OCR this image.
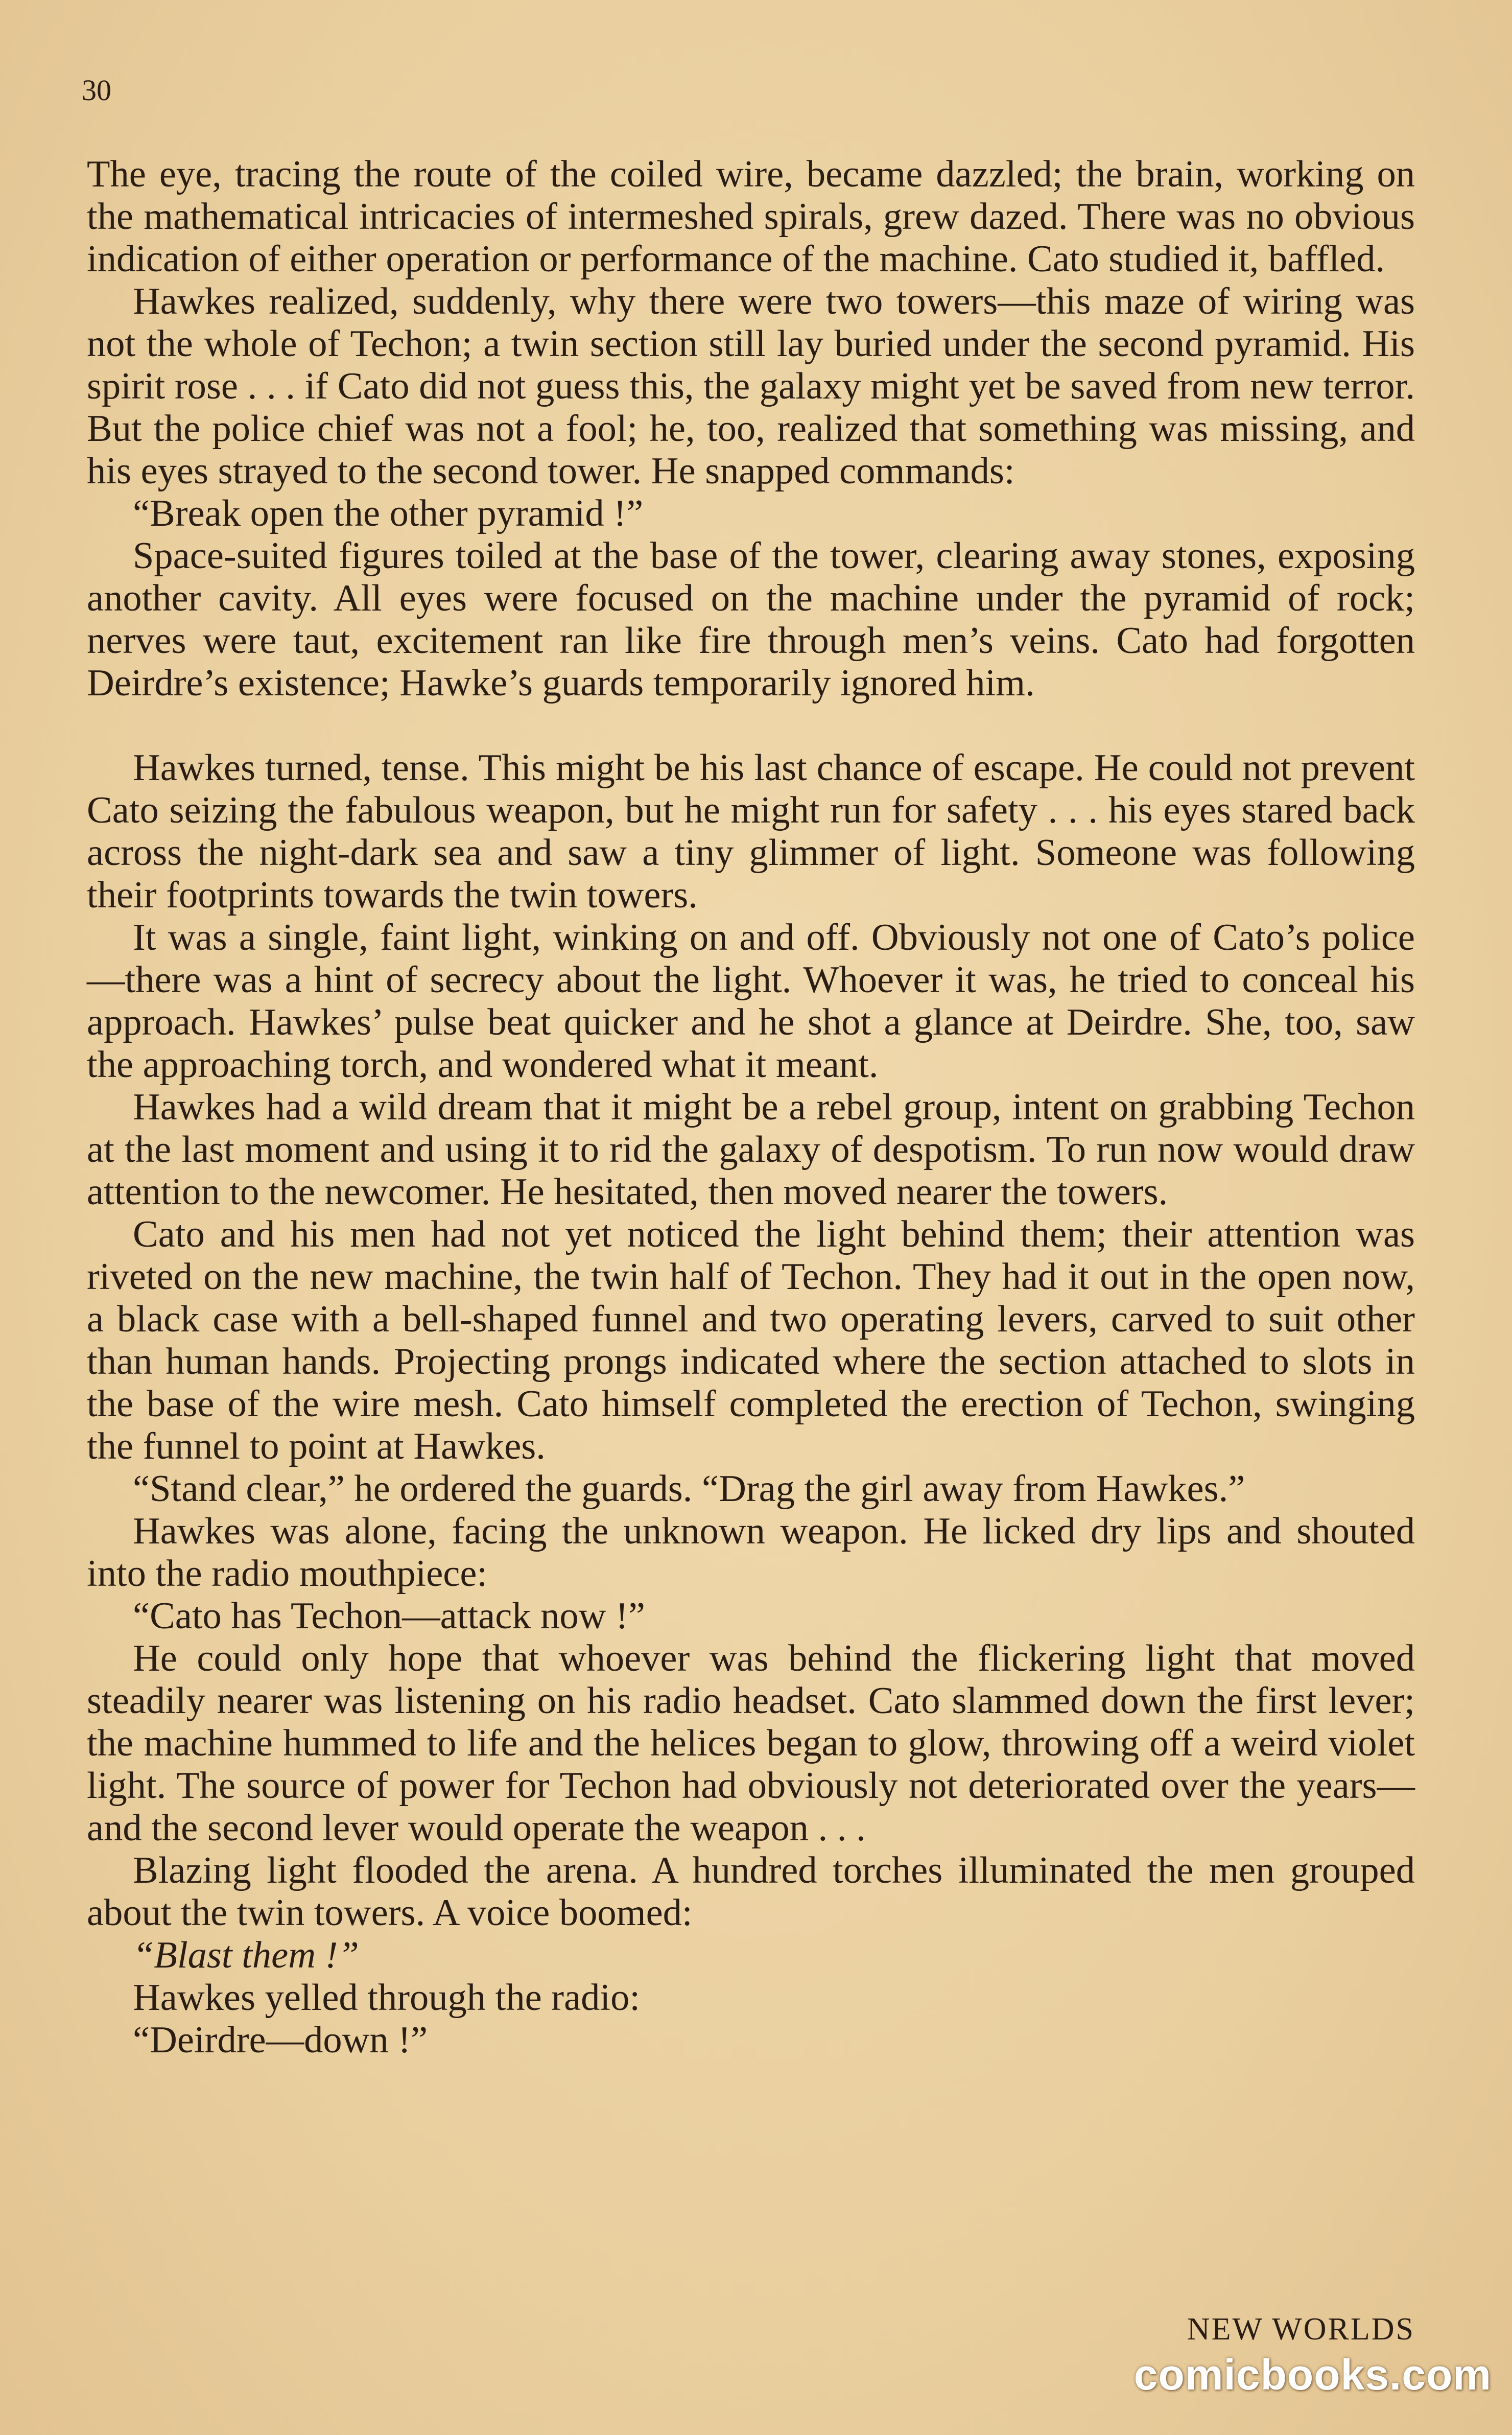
30

The eye, tracing the route of the coiled wire, became dazzled; the brain, working on the mathematical intricacies of intermeshed spirals, grew dazed. There was no obvious indication of either operation or performance of the machine. Cato studied it, baffled.

Hawkes realized, suddenly, why there were two towers—this maze of wiring was not the whole of Techon; a twin section still lay buried under the second pyramid. His spirit rose . . . if Cato did not guess this, the galaxy might yet be saved from new terror. But the police chief was not a fool; he, too, realized that something was missing, and his eyes strayed to the second tower. He snapped commands:

“Break open the other pyramid !”

Space-suited figures toiled at the base of the tower, clearing away stones, exposing another cavity. All eyes were focused on the machine under the pyramid of rock; nerves were taut, excitement ran like fire through men’s veins. Cato had forgotten Deirdre’s existence; Hawke’s guards temporarily ignored him.

Hawkes turned, tense. This might be his last chance of escape. He could not prevent Cato seizing the fabulous weapon, but he might run for safety . . . his eyes stared back across the night-dark sea and saw a tiny glimmer of light. Someone was following their footprints towards the twin towers.

It was a single, faint light, winking on and off. Obviously not one of Cato’s police—there was a hint of secrecy about the light. Whoever it was, he tried to conceal his approach. Hawkes’ pulse beat quicker and he shot a glance at Deirdre. She, too, saw the approaching torch, and wondered what it meant.

Hawkes had a wild dream that it might be a rebel group, intent on grabbing Techon at the last moment and using it to rid the galaxy of despotism. To run now would draw attention to the newcomer. He hesitated, then moved nearer the towers.

Cato and his men had not yet noticed the light behind them; their attention was riveted on the new machine, the twin half of Techon. They had it out in the open now, a black case with a bell-shaped funnel and two operating levers, carved to suit other than human hands. Projecting prongs indicated where the section attached to slots in the base of the wire mesh. Cato himself completed the erection of Techon, swinging the funnel to point at Hawkes.

“Stand clear,” he ordered the guards. “Drag the girl away from Hawkes.”

Hawkes was alone, facing the unknown weapon. He licked dry lips and shouted into the radio mouthpiece:

“Cato has Techon—attack now !”

He could only hope that whoever was behind the flickering light that moved steadily nearer was listening on his radio headset. Cato slammed down the first lever; the machine hummed to life and the helices began to glow, throwing off a weird violet light. The source of power for Techon had obviously not deteriorated over the years—and the second lever would operate the weapon . . .

Blazing light flooded the arena. A hundred torches illuminated the men grouped about the twin towers. A voice boomed:

“Blast them !”

Hawkes yelled through the radio:

“Deirdre—down !”

NEW WORLDS
comicbooks.com
